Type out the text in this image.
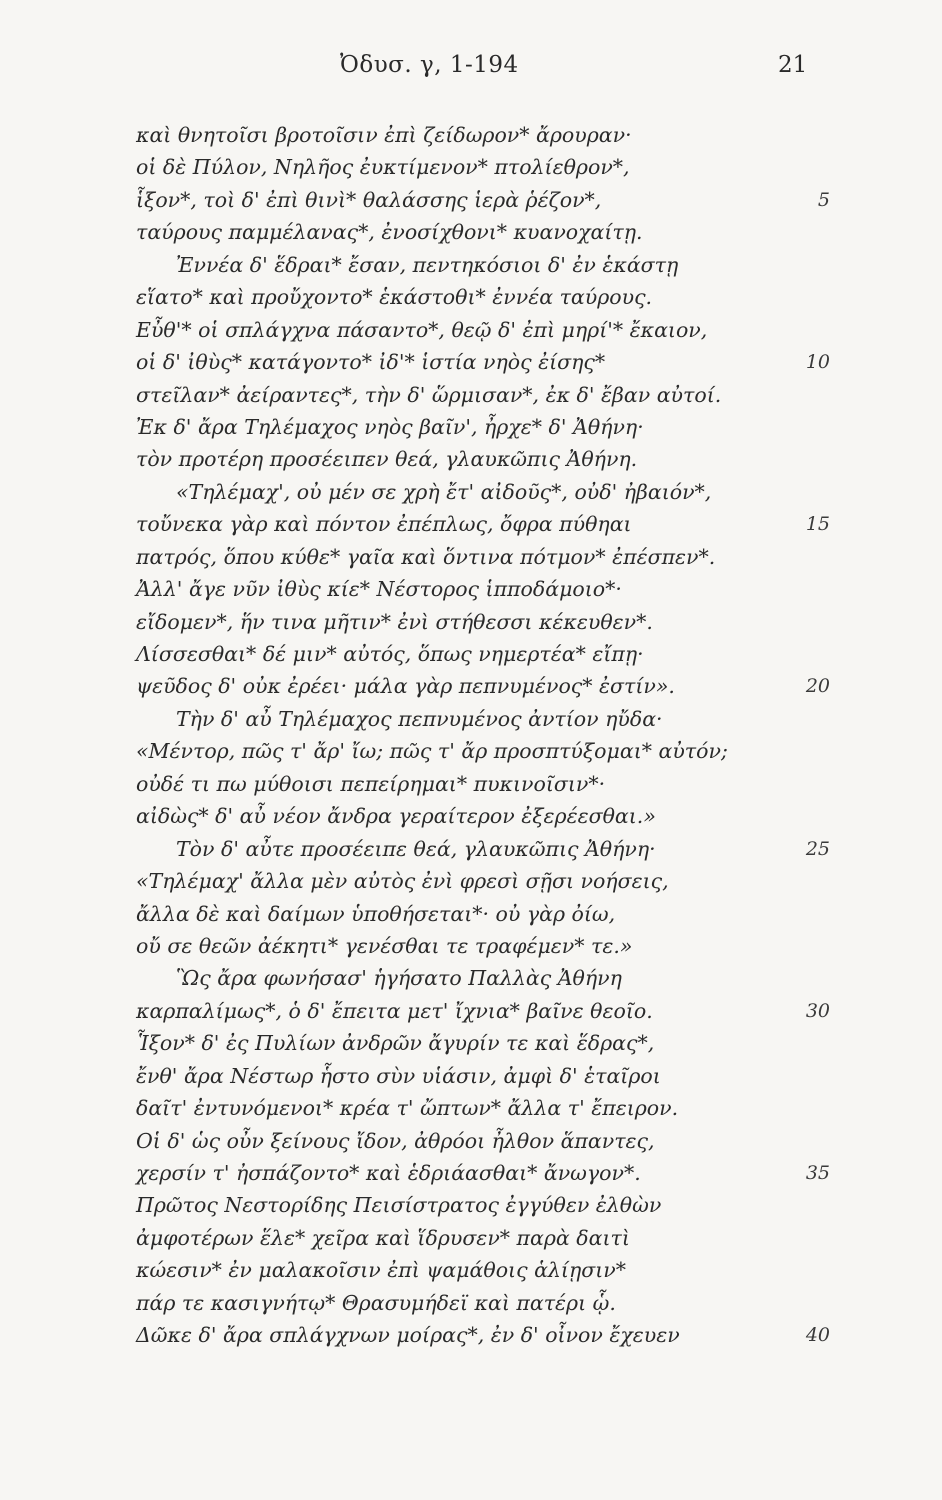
Ὀδυσ. γ, 1-194	21
καὶ θνητοῖσι βροτοῖσιν ἐπὶ ζείδωρον* ἄρουραν·
οἱ δὲ Πύλον, Νηλῆος ἐυκτίμενον* πτολίεθρον*,
ἷξον*, τοὶ δ' ἐπὶ θινὶ* θαλάσσης ἱερὰ ῥέζον*,	5
ταύρους παμμέλανας*, ἐνοσίχθονι* κυανοχαίτῃ.
Ἐννέα δ' ἕδραι* ἔσαν, πεντηκόσιοι δ' ἐν ἑκάστῃ
εἵατο* καὶ προὔχοντο* ἑκάστοθι* ἐννέα ταύρους.
Εὖθ'* οἱ σπλάγχνα πάσαντο*, θεῷ δ' ἐπὶ μηρί'* ἔκαιον,
οἱ δ' ἰθὺς* κατάγοντο* ἰδ'* ἱστία νηὸς ἐίσης*	10
στεῖλαν* ἀείραντες*, τὴν δ' ὥρμισαν*, ἐκ δ' ἔβαν αὐτοί.
Ἐκ δ' ἄρα Τηλέμαχος νηὸς βαῖν', ἦρχε* δ' Ἀθήνη·
τὸν προτέρη προσέειπεν θεά, γλαυκῶπις Ἀθήνη.
«Τηλέμαχ', οὐ μέν σε χρὴ ἔτ' αἰδοῦς*, οὐδ' ἠβαιόν*,
τοὔνεκα γὰρ καὶ πόντον ἐπέπλως, ὄφρα πύθηαι	15
πατρός, ὅπου κύθε* γαῖα καὶ ὅντινα πότμον* ἐπέσπεν*.
Ἀλλ' ἄγε νῦν ἰθὺς κίε* Νέστορος ἱπποδάμοιο*·
εἴδομεν*, ἥν τινα μῆτιν* ἐνὶ στήθεσσι κέκευθεν*.
Λίσσεσθαι* δέ μιν* αὐτός, ὅπως νημερτέα* εἴπῃ·
ψεῦδος δ' οὐκ ἐρέει· μάλα γὰρ πεπνυμένος* ἐστίν».	20
Τὴν δ' αὖ Τηλέμαχος πεπνυμένος ἀντίον ηὔδα·
«Μέντορ, πῶς τ' ἄρ' ἴω; πῶς τ' ἄρ προσπτύξομαι* αὐτόν;
οὐδέ τι πω μύθοισι πεπείρημαι* πυκινοῖσιν*·
αἰδὼς* δ' αὖ νέον ἄνδρα γεραίτερον ἐξερέεσθαι.»
Τὸν δ' αὖτε προσέειπε θεά, γλαυκῶπις Ἀθήνη·	25
«Τηλέμαχ' ἄλλα μὲν αὐτὸς ἐνὶ φρεσὶ σῇσι νοήσεις,
ἄλλα δὲ καὶ δαίμων ὑποθήσεται*· οὐ γὰρ ὀίω,
οὔ σε θεῶν ἀέκητι* γενέσθαι τε τραφέμεν* τε.»
Ὣς ἄρα φωνήσασ' ἡγήσατο Παλλὰς Ἀθήνη
καρπαλίμως*, ὁ δ' ἔπειτα μετ' ἴχνια* βαῖνε θεοῖο.	30
Ἷξον* δ' ἐς Πυλίων ἀνδρῶν ἄγυρίν τε καὶ ἕδρας*,
ἔνθ' ἄρα Νέστωρ ἧστο σὺν υἱάσιν, ἀμφὶ δ' ἑταῖροι
δαῖτ' ἐντυνόμενοι* κρέα τ' ὤπτων* ἄλλα τ' ἔπειρον.
Οἱ δ' ὡς οὖν ξείνους ἴδον, ἀθρόοι ἦλθον ἅπαντες,
χερσίν τ' ἠσπάζοντο* καὶ ἑδριάασθαι* ἄνωγον*.	35
Πρῶτος Νεστορίδης Πεισίστρατος ἐγγύθεν ἐλθὼν
ἀμφοτέρων ἕλε* χεῖρα καὶ ἵδρυσεν* παρὰ δαιτὶ
κώεσιν* ἐν μαλακοῖσιν ἐπὶ ψαμάθοις ἁλίῃσιν*
πάρ τε κασιγνήτῳ* Θρασυμήδεϊ καὶ πατέρι ᾧ.
Δῶκε δ' ἄρα σπλάγχνων μοίρας*, ἐν δ' οἶνον ἔχευεν	40
